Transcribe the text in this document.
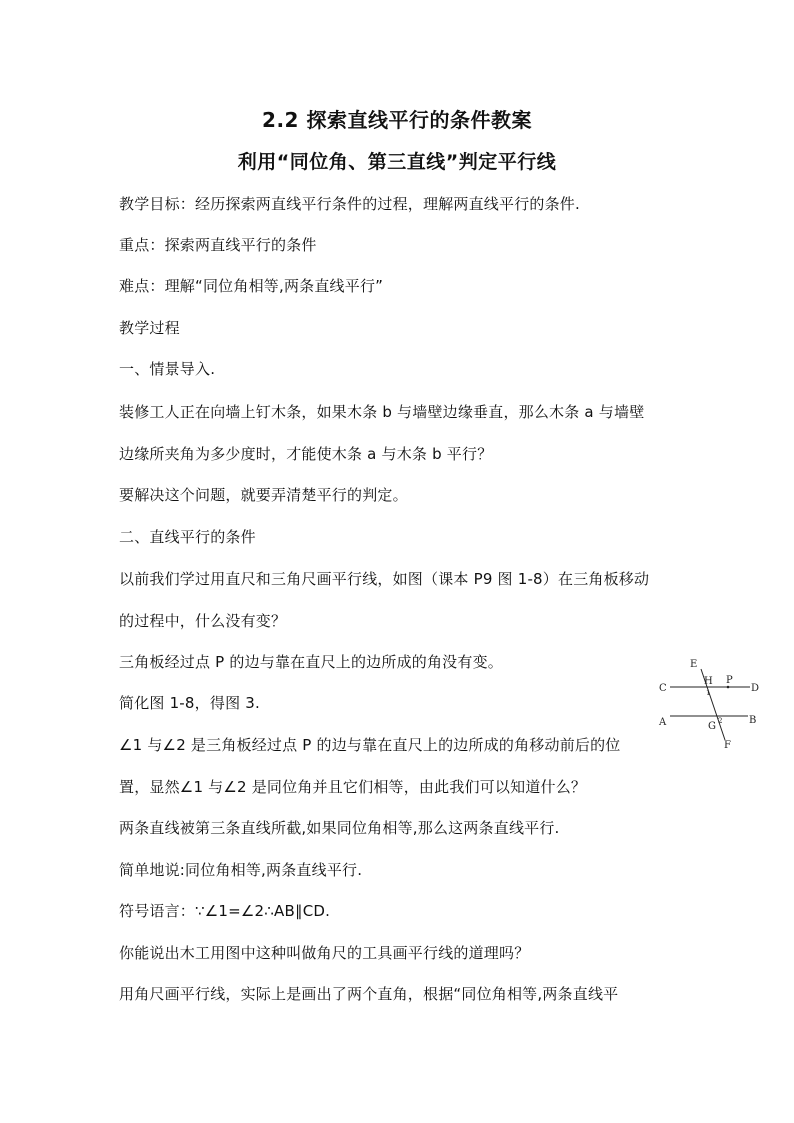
2.2 探索直线平行的条件教案
利用“同位角、第三直线”判定平行线
教学目标：经历探索两直线平行条件的过程，理解两直线平行的条件.
重点：探索两直线平行的条件
难点：理解“同位角相等,两条直线平行”
教学过程
一、情景导入.
装修工人正在向墙上钉木条，如果木条 b 与墙壁边缘垂直，那么木条 a 与墙壁
边缘所夹角为多少度时，才能使木条 a 与木条 b 平行？
要解决这个问题，就要弄清楚平行的判定。
二、直线平行的条件
以前我们学过用直尺和三角尺画平行线，如图（课本 P9 图 1-8）在三角板移动
的过程中，什么没有变？
三角板经过点 P 的边与靠在直尺上的边所成的角没有变。
简化图 1-8，得图 3.
∠1 与∠2 是三角板经过点 P 的边与靠在直尺上的边所成的角移动前后的位
置，显然∠1 与∠2 是同位角并且它们相等，由此我们可以知道什么？
两条直线被第三条直线所截,如果同位角相等,那么这两条直线平行.
简单地说:同位角相等,两条直线平行.
符号语言：∵∠1=∠2∴AB∥CD.
你能说出木工用图中这种叫做角尺的工具画平行线的道理吗？
用角尺画平行线，实际上是画出了两个直角，根据“同位角相等,两条直线平
E
H P
C	D
A	B
G
F
1
2
